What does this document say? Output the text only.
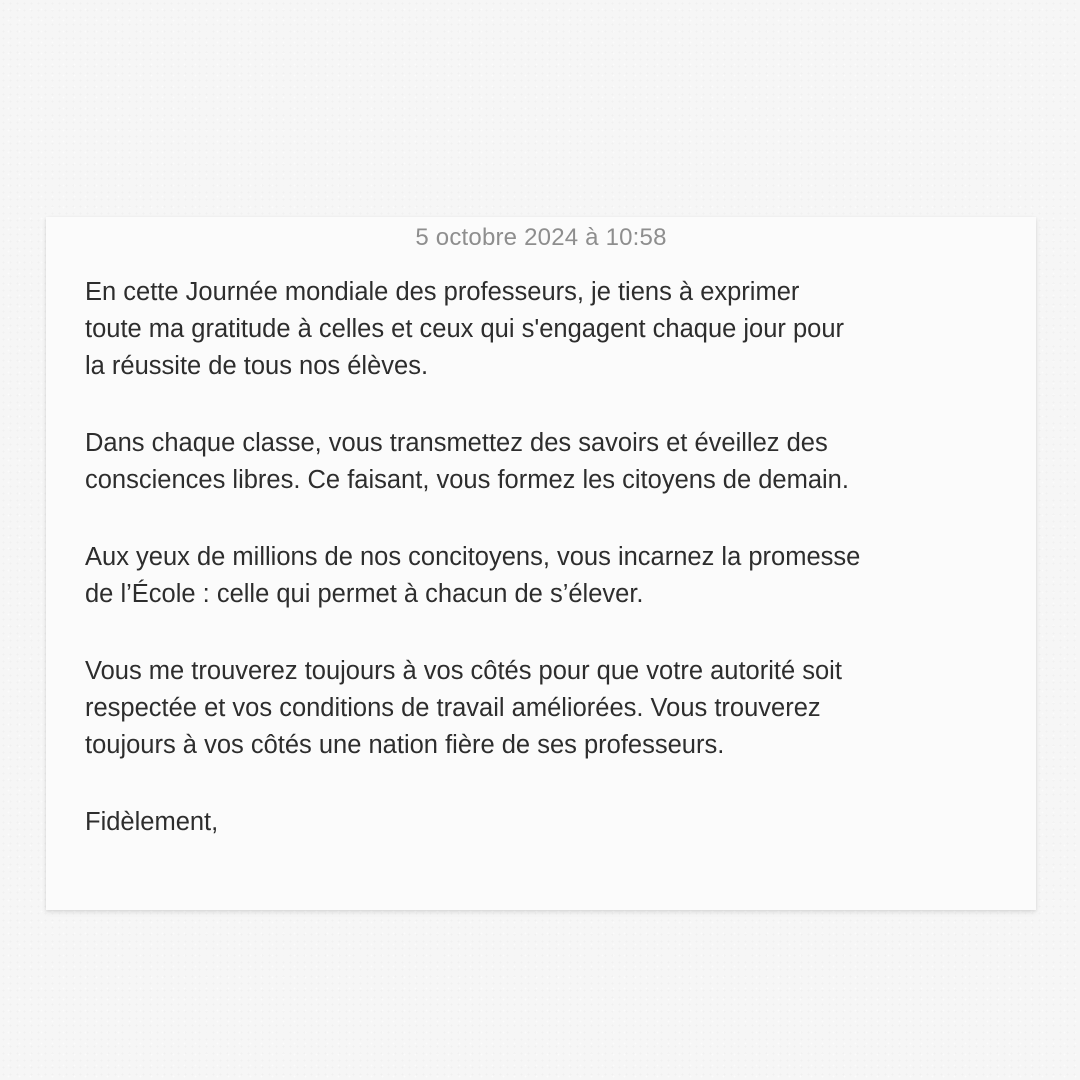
5 octobre 2024 à 10:58

En cette Journée mondiale des professeurs, je tiens à exprimer
toute ma gratitude à celles et ceux qui s'engagent chaque jour pour
la réussite de tous nos élèves.

Dans chaque classe, vous transmettez des savoirs et éveillez des
consciences libres. Ce faisant, vous formez les citoyens de demain.

Aux yeux de millions de nos concitoyens, vous incarnez la promesse
de l’École : celle qui permet à chacun de s’élever.

Vous me trouverez toujours à vos côtés pour que votre autorité soit
respectée et vos conditions de travail améliorées. Vous trouverez
toujours à vos côtés une nation fière de ses professeurs.

Fidèlement,
